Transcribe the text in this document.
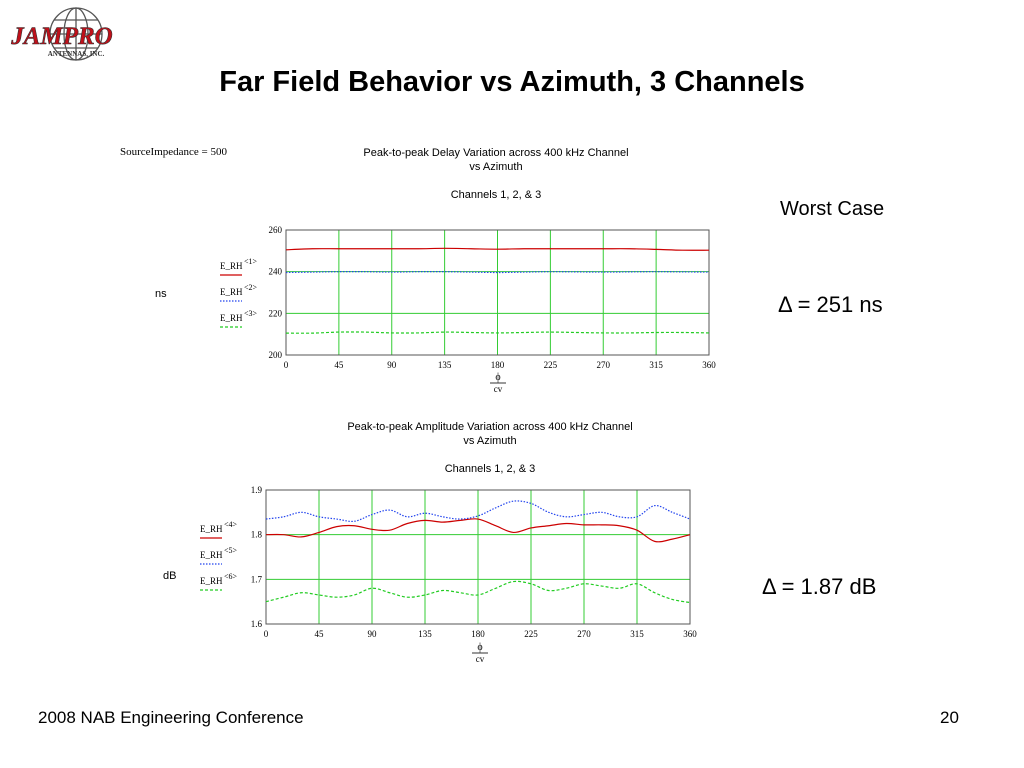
JAMPRO
ANTENNAS, INC.
Far Field Behavior vs Azimuth, 3 Channels
SourceImpedance = 500	Peak-to-peak Delay Variation across 400 kHz Channel
vs Azimuth
Channels 1, 2, & 3
Peak-to-peak Amplitude Variation across 400 kHz Channel
vs Azimuth
Channels 1, 2, & 3
ns
dB
0	45	90	135	180	225	270	315	360
200
220
240
260
E_RH <1>
E_RH <2>
E_RH <3>
ϕ
cv
0	45	90	135	180	225	270	315	360
1.6
1.7
1.8
1.9
E_RH <4>
E_RH <5>
E_RH <6>
ϕ
cv
Worst Case
Δ = 251 ns
Δ = 1.87 dB
2008 NAB Engineering Conference	20
